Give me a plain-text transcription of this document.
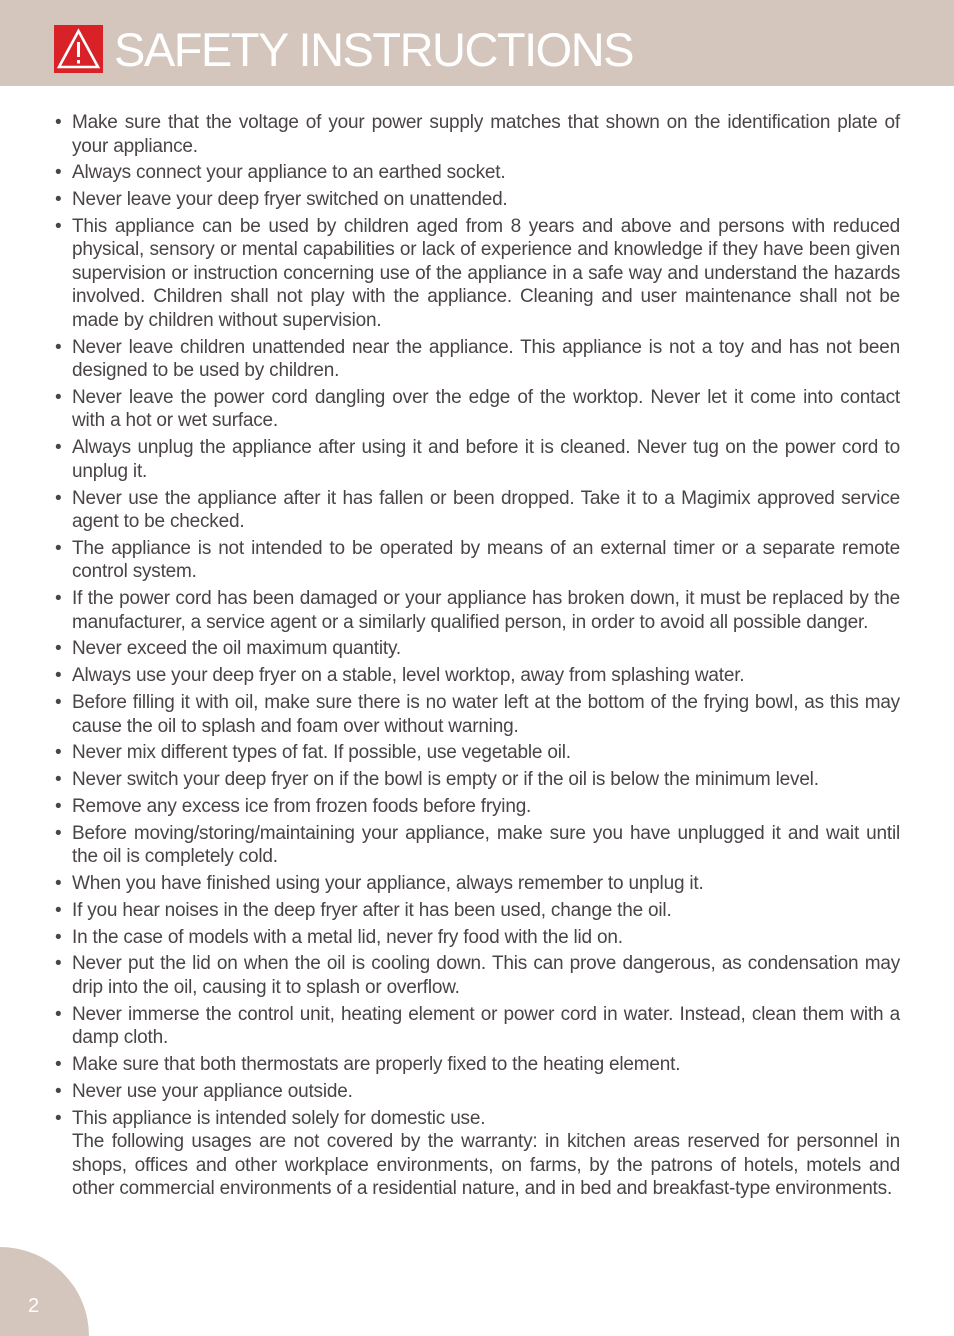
SAFETY INSTRUCTIONS
• Make sure that the voltage of your power supply matches that shown on the identification plate of your appliance.
• Always connect your appliance to an earthed socket.
• Never leave your deep fryer switched on unattended.
• This appliance can be used by children aged from 8 years and above and persons with reduced physical, sensory or mental capabilities or lack of experience and knowledge if they have been given supervision or instruction concerning use of the appliance in a safe way and understand the hazards involved. Children shall not play with the appliance. Cleaning and user maintenance shall not be made by children without supervision.
• Never leave children unattended near the appliance. This appliance is not a toy and has not been designed to be used by children.
• Never leave the power cord dangling over the edge of the worktop. Never let it come into contact with a hot or wet surface.
• Always unplug the appliance after using it and before it is cleaned. Never tug on the power cord to unplug it.
• Never use the appliance after it has fallen or been dropped. Take it to a Magimix approved service agent to be checked.
• The appliance is not intended to be operated by means of an external timer or a separate remote control system.
• If the power cord has been damaged or your appliance has broken down, it must be replaced by the manufacturer, a service agent or a similarly qualified person, in order to avoid all possible danger.
• Never exceed the oil maximum quantity.
• Always use your deep fryer on a stable, level worktop, away from splashing water.
• Before filling it with oil, make sure there is no water left at the bottom of the frying bowl, as this may cause the oil to splash and foam over without warning.
• Never mix different types of fat. If possible, use vegetable oil.
• Never switch your deep fryer on if the bowl is empty or if the oil is below the minimum level.
• Remove any excess ice from frozen foods before frying.
• Before moving/storing/maintaining your appliance, make sure you have unplugged it and wait until the oil is completely cold.
• When you have finished using your appliance, always remember to unplug it.
• If you hear noises in the deep fryer after it has been used, change the oil.
• In the case of models with a metal lid, never fry food with the lid on.
• Never put the lid on when the oil is cooling down. This can prove dangerous, as condensation may drip into the oil, causing it to splash or overflow.
• Never immerse the control unit, heating element or power cord in water. Instead, clean them with a damp cloth.
• Make sure that both thermostats are properly fixed to the heating element.
• Never use your appliance outside.
• This appliance is intended solely for domestic use.
The following usages are not covered by the warranty: in kitchen areas reserved for personnel in shops, offices and other workplace environments, on farms, by the patrons of hotels, motels and other commercial environments of a residential nature, and in bed and breakfast-type environments.
2
